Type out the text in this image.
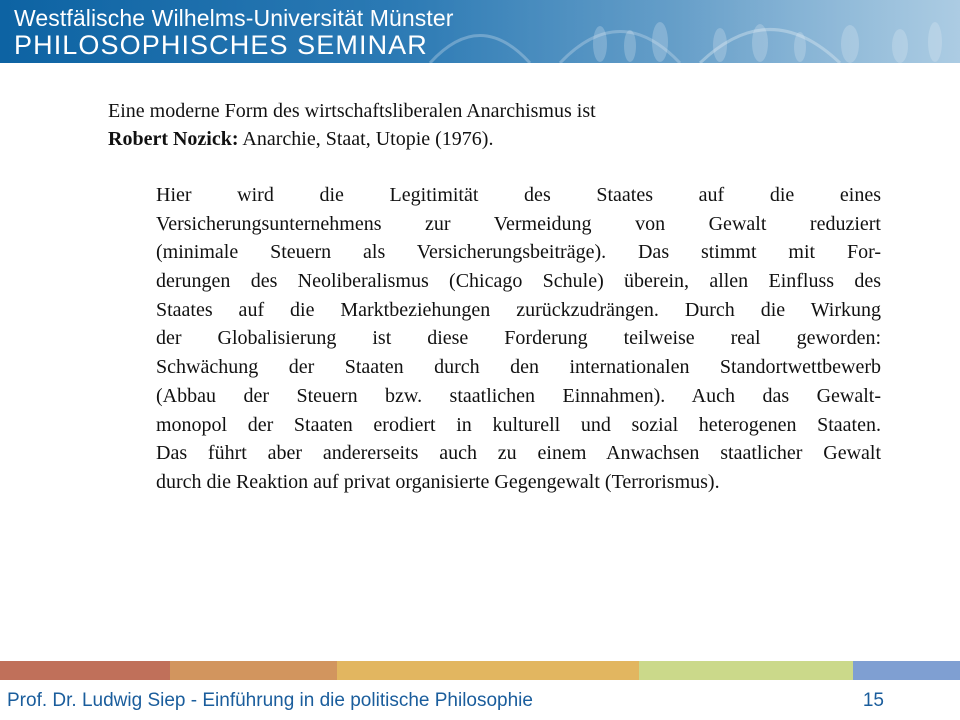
Westfälische Wilhelms-Universität Münster
PHILOSOPHISCHES SEMINAR
Eine moderne Form des wirtschaftsliberalen Anarchismus ist
Robert Nozick: Anarchie, Staat, Utopie (1976).
Hier wird die Legitimität des Staates auf die eines
Versicherungsunternehmens zur Vermeidung von Gewalt reduziert
(minimale Steuern als Versicherungsbeiträge). Das stimmt mit For-
derungen des Neoliberalismus (Chicago Schule) überein, allen Einfluss des
Staates auf die Marktbeziehungen zurückzudrängen. Durch die Wirkung
der Globalisierung ist diese Forderung teilweise real geworden:
Schwächung der Staaten durch den internationalen Standortwettbewerb
(Abbau der Steuern bzw. staatlichen Einnahmen). Auch das Gewalt-
monopol der Staaten erodiert in kulturell und sozial heterogenen Staaten.
Das führt aber andererseits auch zu einem Anwachsen staatlicher Gewalt
durch die Reaktion auf privat organisierte Gegengewalt (Terrorismus).
Prof. Dr. Ludwig Siep - Einführung in die politische Philosophie	15
